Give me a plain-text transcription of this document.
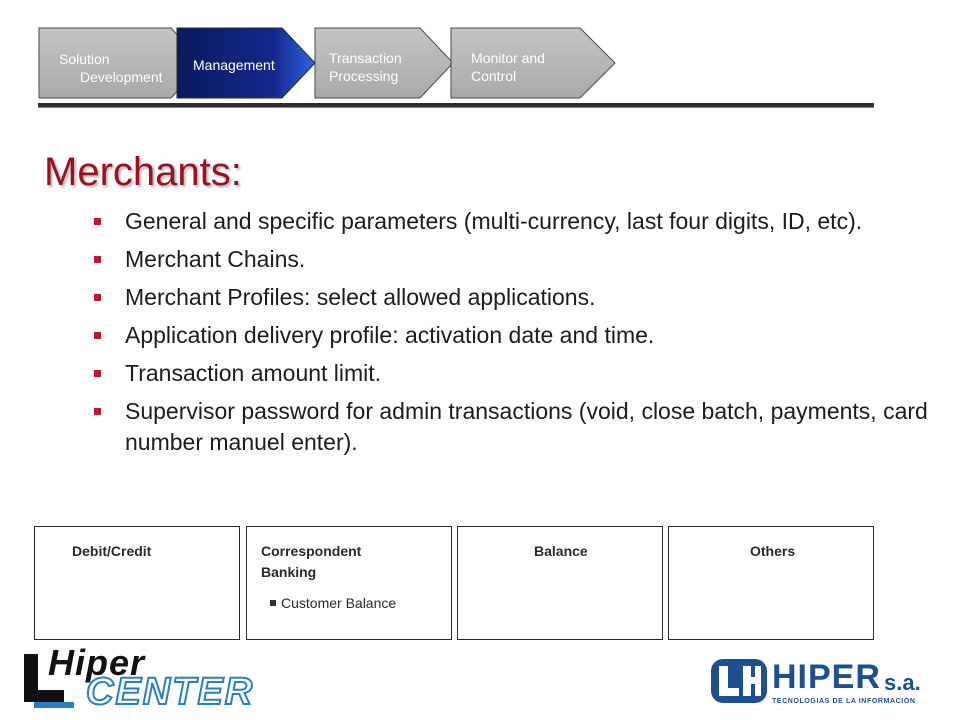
Solution
Development
Management	Transaction
Processing
Monitor and
Control
Merchants:
General and specific parameters (multi-currency, last four digits, ID, etc).
Merchant Chains.
Merchant Profiles: select allowed applications.
Application delivery profile: activation date and time.
Transaction amount limit.
Supervisor password for admin transactions (void, close batch, payments, card number manuel enter).
Debit/Credit	Correspondent Banking
Customer Balance
Balance	Others
Hiper
CENTER	HIPER s.a.
TECNOLOGIAS DE LA INFORMACION
